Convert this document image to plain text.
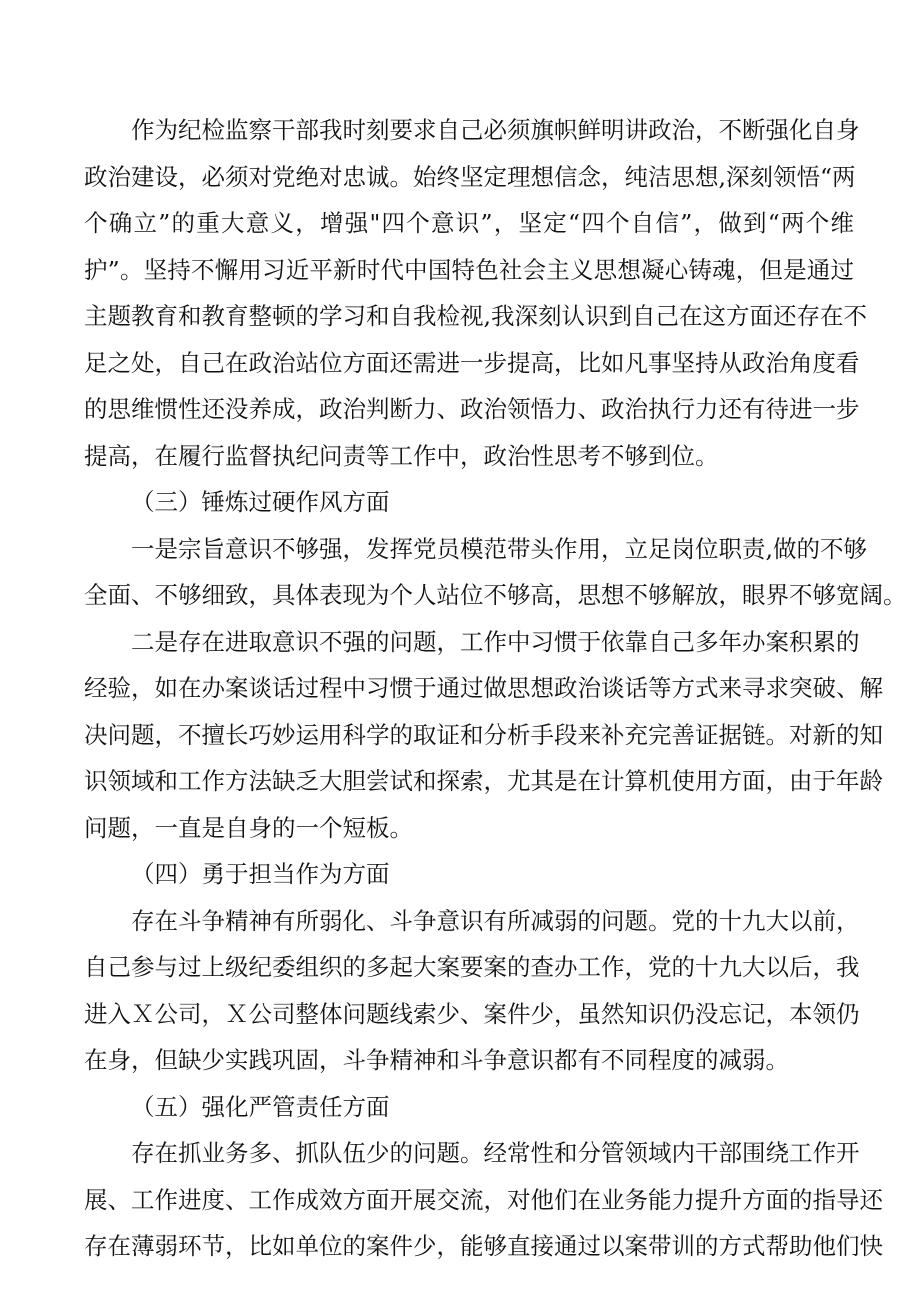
作为纪检监察干部我时刻要求自己必须旗帜鲜明讲政治，不断强化自身
政治建设，必须对党绝对忠诚。始终坚定理想信念，纯洁思想,深刻领悟“两
个确立”的重大意义，增强"四个意识”，坚定“四个自信”，做到“两个维
护”。坚持不懈用习近平新时代中国特色社会主义思想凝心铸魂，但是通过
主题教育和教育整顿的学习和自我检视,我深刻认识到自己在这方面还存在不
足之处，自己在政治站位方面还需进一步提高，比如凡事坚持从政治角度看
的思维惯性还没养成，政治判断力、政治领悟力、政治执行力还有待进一步
提高，在履行监督执纪问责等工作中，政治性思考不够到位。
（三）锤炼过硬作风方面
一是宗旨意识不够强，发挥党员模范带头作用，立足岗位职责,做的不够
全面、不够细致，具体表现为个人站位不够高，思想不够解放，眼界不够宽阔。
二是存在进取意识不强的问题，工作中习惯于依靠自己多年办案积累的
经验，如在办案谈话过程中习惯于通过做思想政治谈话等方式来寻求突破、解
决问题，不擅长巧妙运用科学的取证和分析手段来补充完善证据链。对新的知
识领域和工作方法缺乏大胆尝试和探索，尤其是在计算机使用方面，由于年龄
问题，一直是自身的一个短板。
（四）勇于担当作为方面
存在斗争精神有所弱化、斗争意识有所减弱的问题。党的十九大以前，
自己参与过上级纪委组织的多起大案要案的查办工作，党的十九大以后，我
进入Ｘ公司，Ｘ公司整体问题线索少、案件少，虽然知识仍没忘记，本领仍
在身，但缺少实践巩固，斗争精神和斗争意识都有不同程度的减弱。
（五）强化严管责任方面
存在抓业务多、抓队伍少的问题。经常性和分管领域内干部围绕工作开
展、工作进度、工作成效方面开展交流，对他们在业务能力提升方面的指导还
存在薄弱环节，比如单位的案件少，能够直接通过以案带训的方式帮助他们快
